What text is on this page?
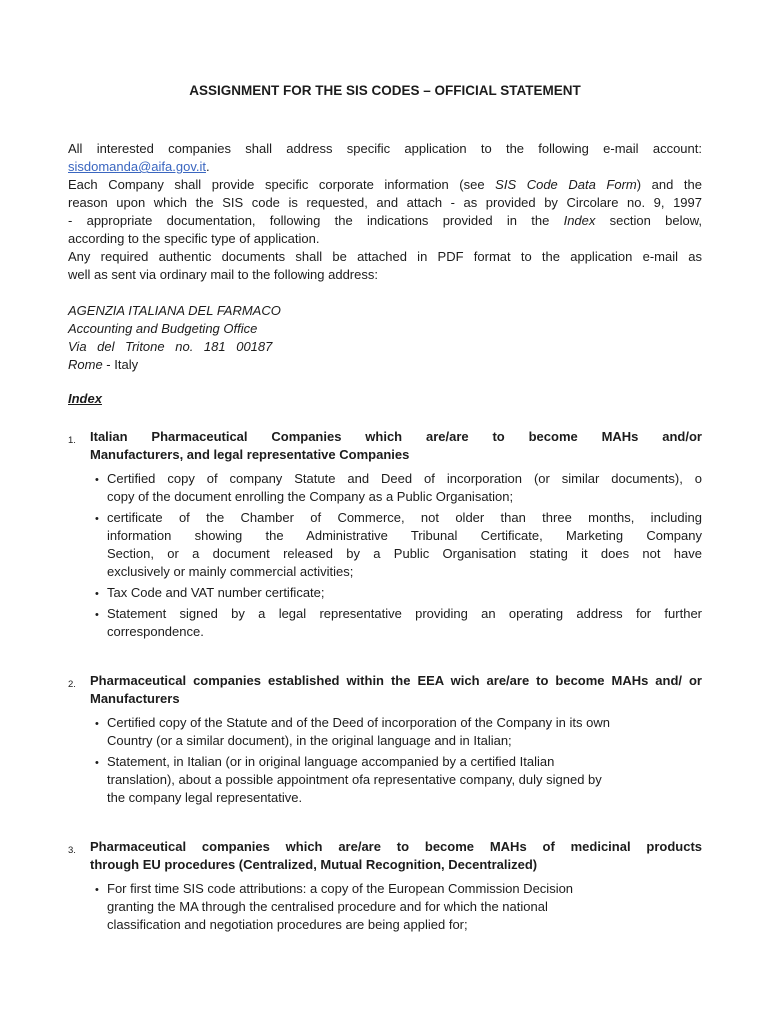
ASSIGNMENT FOR THE SIS CODES – OFFICIAL STATEMENT
All interested companies shall address specific application to the following e-mail account:
sisdomanda@aifa.gov.it.
Each Company shall provide specific corporate information (see SIS Code Data Form) and the
reason upon which the SIS code is requested, and attach - as provided by Circolare no. 9, 1997
- appropriate documentation, following the indications provided in the Index section below,
according to the specific type of application.
Any required authentic documents shall be attached in PDF format to the application e-mail as
well as sent via ordinary mail to the following address:
AGENZIA ITALIANA DEL FARMACO
Accounting and Budgeting Office
Via del Tritone no. 181 00187
Rome - Italy
Index
1.	Italian Pharmaceutical Companies which are/are to become MAHs and/or
Manufacturers, and legal representative Companies
• Certified copy of company Statute and Deed of incorporation (or similar documents), o
copy of the document enrolling the Company as a Public Organisation;
• certificate of the Chamber of Commerce, not older than three months, including
information showing the Administrative Tribunal Certificate, Marketing Company
Section, or a document released by a Public Organisation stating it does not have
exclusively or mainly commercial activities;
• Tax Code and VAT number certificate;
• Statement signed by a legal representative providing an operating address for further
correspondence.
2.	Pharmaceutical companies established within the EEA wich are/are to become MAHs and/ or
Manufacturers
• Certified copy of the Statute and of the Deed of incorporation of the Company in its own
Country (or a similar document), in the original language and in Italian;
• Statement, in Italian (or in original language accompanied by a certified Italian
translation), about a possible appointment ofa representative company, duly signed by
the company legal representative.
3.	Pharmaceutical companies which are/are to become MAHs of medicinal products
through EU procedures (Centralized, Mutual Recognition, Decentralized)
• For first time SIS code attributions: a copy of the European Commission Decision
granting the MA through the centralised procedure and for which the national
classification and negotiation procedures are being applied for;
